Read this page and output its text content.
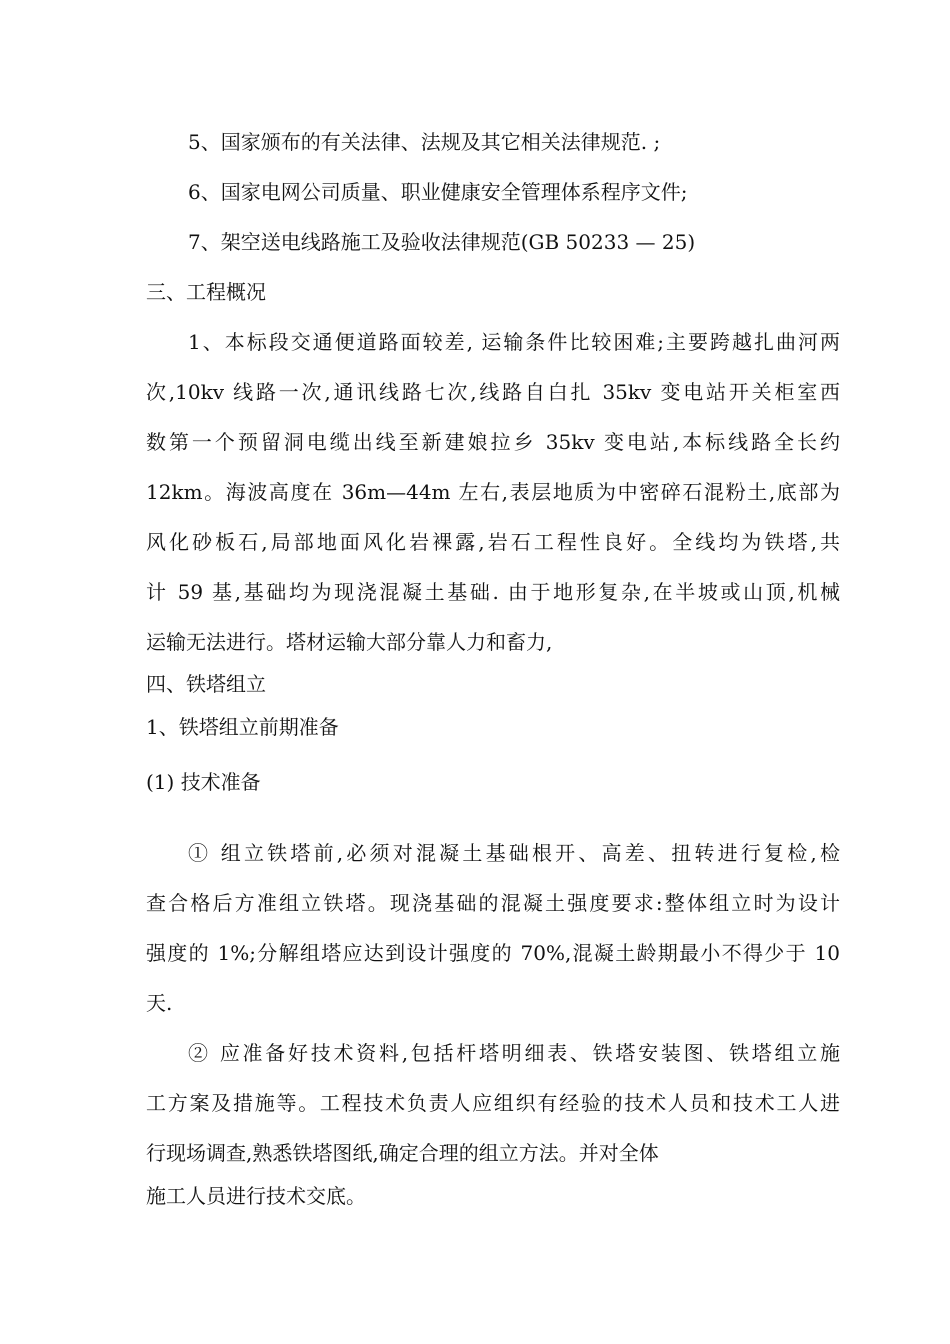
5、国家颁布的有关法律、法规及其它相关法律规范. ;
6、国家电网公司质量、职业健康安全管理体系程序文件;
7、架空送电线路施工及验收法律规范(GB 50233 — 25)
三、工程概况
1、本标段交通便道路面较差, 运输条件比较困难;主要跨越扎曲河两
次,10kv 线路一次,通讯线路七次,线路自白扎 35kv 变电站开关柜室西
数第一个预留洞电缆出线至新建娘拉乡 35kv 变电站,本标线路全长约
12km。海波高度在 36m—44m 左右,表层地质为中密碎石混粉土,底部为
风化砂板石,局部地面风化岩裸露,岩石工程性良好。全线均为铁塔,共
计 59 基,基础均为现浇混凝土基础. 由于地形复杂,在半坡或山顶,机械
运输无法进行。塔材运输大部分靠人力和畜力,
四、铁塔组立
1、铁塔组立前期准备
(1) 技术准备
① 组立铁塔前,必须对混凝土基础根开、高差、扭转进行复检,检
查合格后方准组立铁塔。现浇基础的混凝土强度要求:整体组立时为设计
强度的 1%;分解组塔应达到设计强度的 70%,混凝土龄期最小不得少于 10
天.
② 应准备好技术资料,包括杆塔明细表、铁塔安装图、铁塔组立施
工方案及措施等。工程技术负责人应组织有经验的技术人员和技术工人进
行现场调查,熟悉铁塔图纸,确定合理的组立方法。并对全体
施工人员进行技术交底。
